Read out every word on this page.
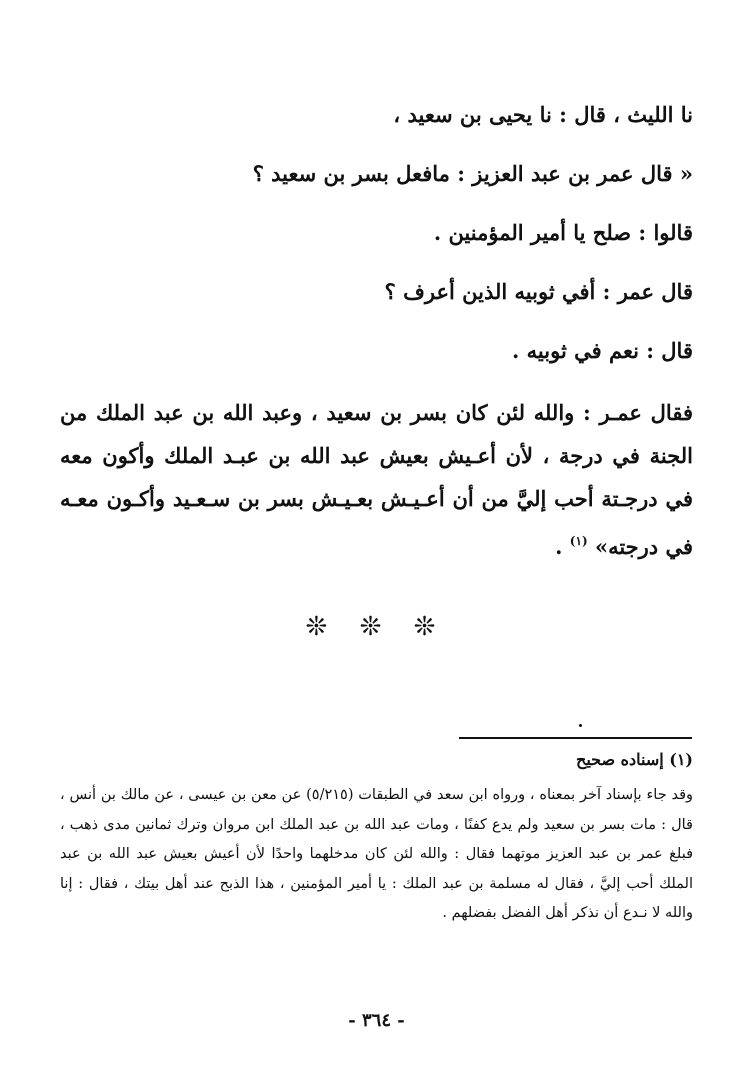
نا الليث ، قال : نا يحيى بن سعيد ،

« قال عمر بن عبد العزيز : مافعل بسر بن سعيد ؟

قالوا : صلح يا أمير المؤمنين .

قال عمر : أفي ثوبيه الذين أعرف ؟

قال : نعم في ثوبيه .

فقال عمـر : والله لئن كان بسر بن سعيد ، وعبد الله بن عبد الملك من الجنة في درجة ، لأن أعـيش بعيش عبد الله بن عبـد الملك وأكون معه في درجـتة أحب إليَّ من أن أعـيـش بعـيـش بسر بن سـعـيد وأكـون معـه في درجته» $^{(١)}$ .

❊ ❊ ❊

(١) إسناده صحيح

وقد جاء بإسناد آخر بمعناه ، ورواه ابن سعد في الطبقات (٥/٢١٥) عن معن بن عيسى ، عن مالك بن أنس ، قال : مات بسر بن سعيد ولم يدع كفنًا ، ومات عبد الله بن عبد الملك ابن مروان وترك ثمانين مدى ذهب ، فبلغ عمر بن عبد العزيز موتهما فقال : والله لئن كان مدخلهما واحدًا لأن أعيش بعيش عبد الله بن عبد الملك أحب إليَّ ، فقال له مسلمة بن عبد الملك : يا أمير المؤمنين ، هذا الذبح عند أهل بيتك ، فقال : إنا والله لا نـدع أن نذكر أهل الفضل بفضلهم .

- ٣٦٤ -
